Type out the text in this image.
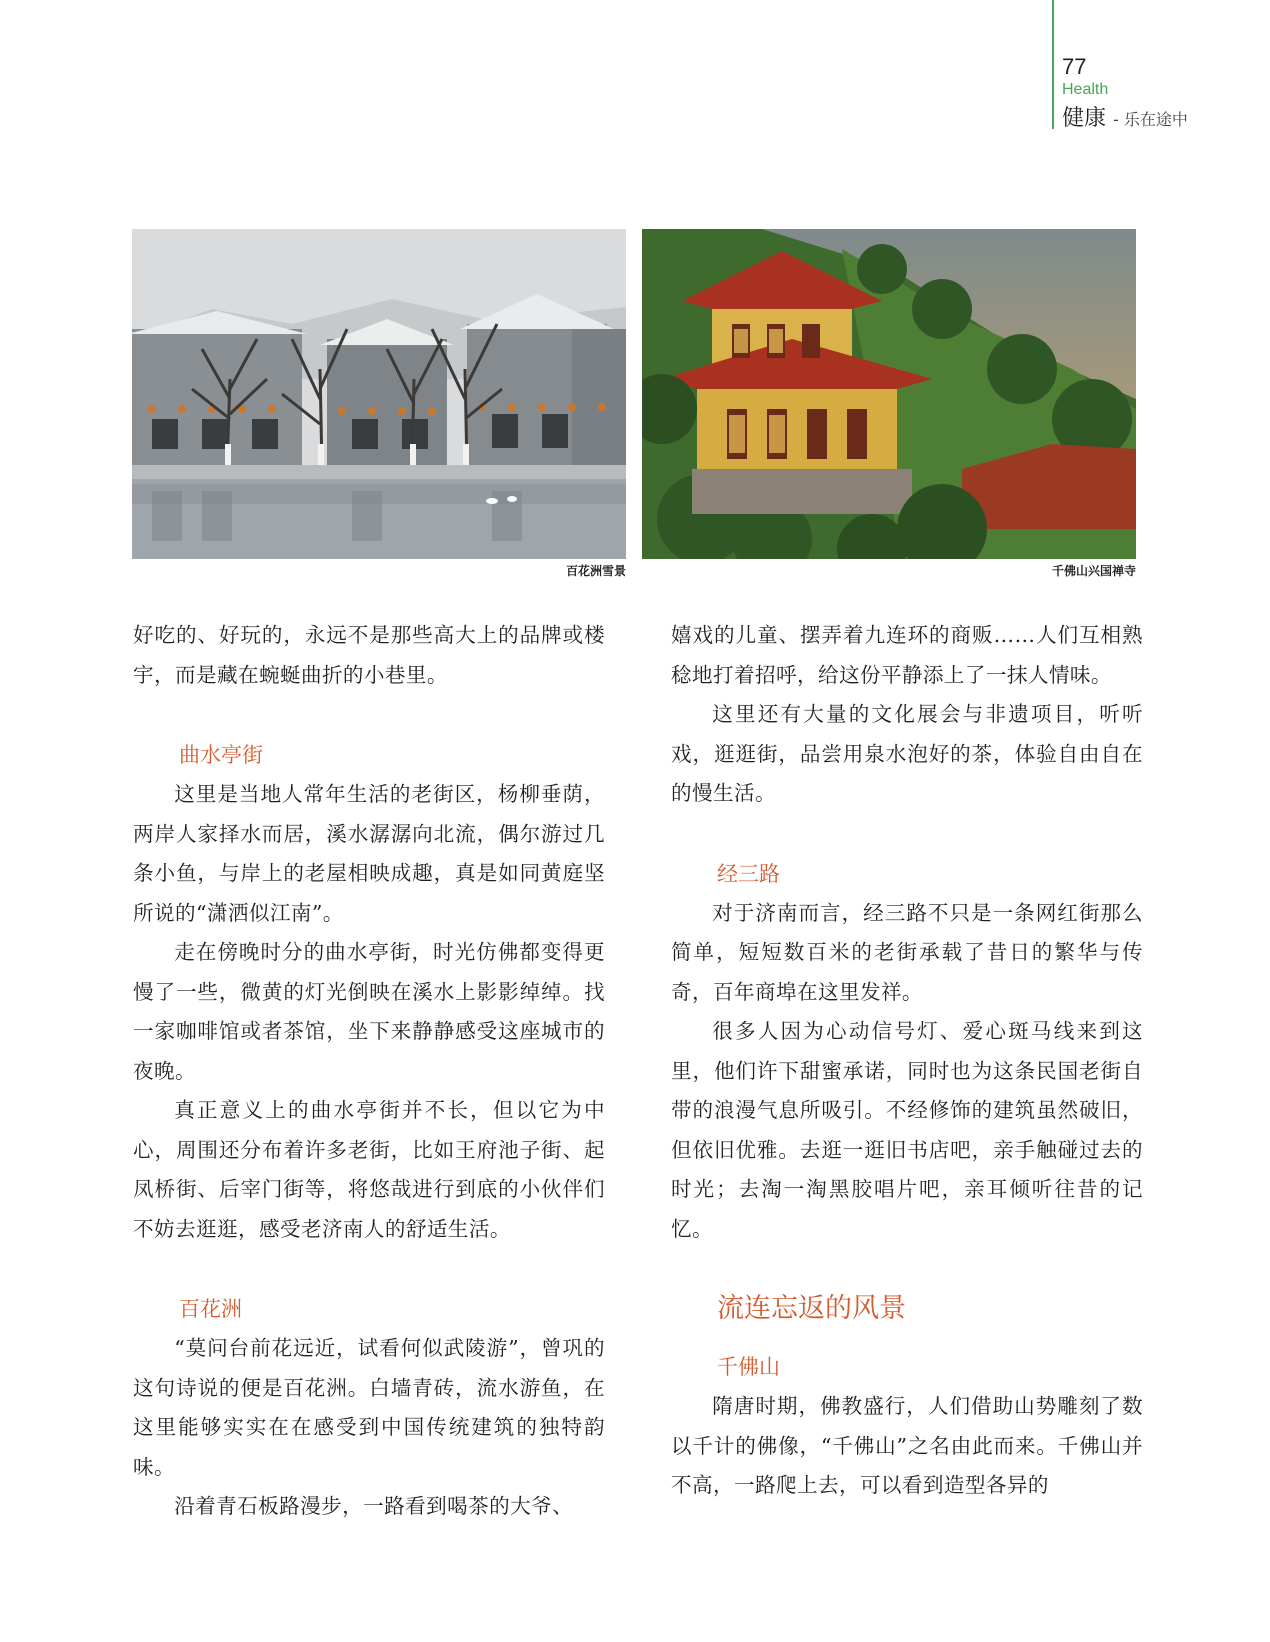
77
Health
健康 - 乐在途中
百花洲雪景	千佛山兴国禅寺

好吃的、好玩的，永远不是那些高大上的品牌或楼宇，而是藏在蜿蜒曲折的小巷里。

曲水亭街

这里是当地人常年生活的老街区，杨柳垂荫，两岸人家择水而居，溪水潺潺向北流，偶尔游过几条小鱼，与岸上的老屋相映成趣，真是如同黄庭坚所说的“潇洒似江南”。

走在傍晚时分的曲水亭街，时光仿佛都变得更慢了一些，微黄的灯光倒映在溪水上影影绰绰。找一家咖啡馆或者茶馆，坐下来静静感受这座城市的夜晚。

真正意义上的曲水亭街并不长，但以它为中心，周围还分布着许多老街，比如王府池子街、起凤桥街、后宰门街等，将悠哉进行到底的小伙伴们不妨去逛逛，感受老济南人的舒适生活。

百花洲

“莫问台前花远近，试看何似武陵游”，曾巩的这句诗说的便是百花洲。白墙青砖，流水游鱼，在这里能够实实在在感受到中国传统建筑的独特韵味。

沿着青石板路漫步，一路看到喝茶的大爷、

嬉戏的儿童、摆弄着九连环的商贩……人们互相熟稔地打着招呼，给这份平静添上了一抹人情味。

这里还有大量的文化展会与非遗项目，听听戏，逛逛街，品尝用泉水泡好的茶，体验自由自在的慢生活。

经三路

对于济南而言，经三路不只是一条网红街那么简单，短短数百米的老街承载了昔日的繁华与传奇，百年商埠在这里发祥。

很多人因为心动信号灯、爱心斑马线来到这里，他们许下甜蜜承诺，同时也为这条民国老街自带的浪漫气息所吸引。不经修饰的建筑虽然破旧，但依旧优雅。去逛一逛旧书店吧，亲手触碰过去的时光；去淘一淘黑胶唱片吧，亲耳倾听往昔的记忆。

流连忘返的风景
千佛山

隋唐时期，佛教盛行，人们借助山势雕刻了数以千计的佛像，“千佛山”之名由此而来。千佛山并不高，一路爬上去，可以看到造型各异的
